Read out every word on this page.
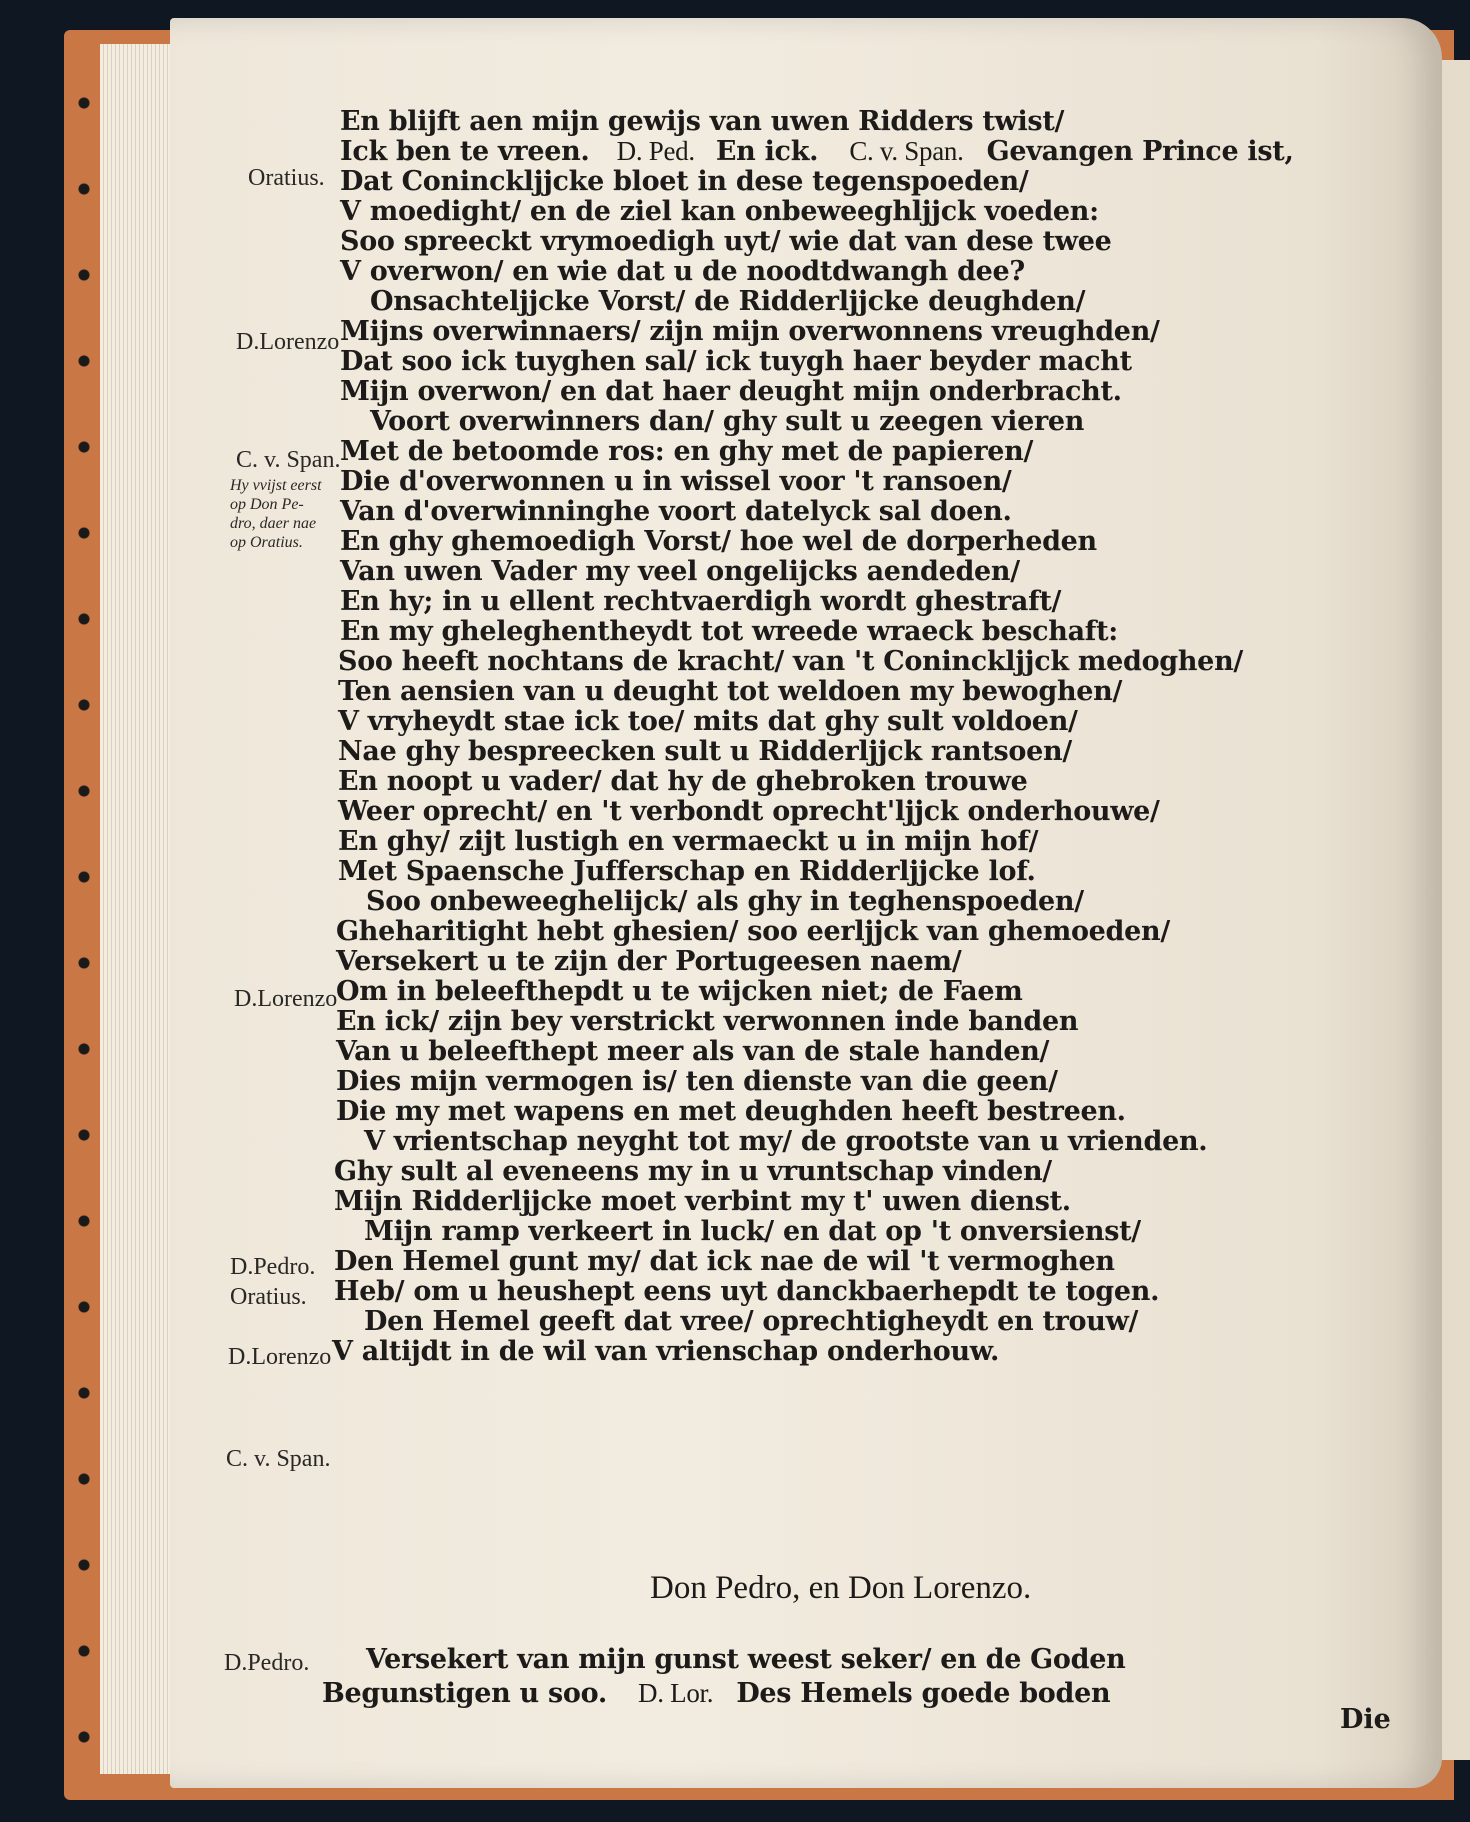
En blijft aen mijn gewijs van uwen Ridders twist/
Ick ben te vreen. D. Ped. En ick. C. v. Span. Gevangen Prince ist,
Dat Coninckljjcke bloet in dese tegenspoeden/
V moedight/ en de ziel kan onbeweeghljjck voeden:
Soo spreeckt vrymoedigh uyt/ wie dat van dese twee
V overwon/ en wie dat u de noodtdwangh dee?
Onsachteljjcke Vorst/ de Ridderljjcke deughden/
Mijns overwinnaers/ zijn mijn overwonnens vreughden/
Dat soo ick tuyghen sal/ ick tuygh haer beyder macht
Mijn overwon/ en dat haer deught mijn onderbracht.
Voort overwinners dan/ ghy sult u zeegen vieren
Met de betoomde ros: en ghy met de papieren/
Die d'overwonnen u in wissel voor 't ransoen/
Van d'overwinninghe voort datelyck sal doen.
En ghy ghemoedigh Vorst/ hoe wel de dorperheden
Van uwen Vader my veel ongelijcks aendeden/
En hy; in u ellent rechtvaerdigh wordt ghestraft/
En my gheleghentheydt tot wreede wraeck beschaft:
Soo heeft nochtans de kracht/ van 't Coninckljjck medoghen/
Ten aensien van u deught tot weldoen my bewoghen/
V vryheydt stae ick toe/ mits dat ghy sult voldoen/
Nae ghy bespreecken sult u Ridderljjck rantsoen/
En noopt u vader/ dat hy de ghebroken trouwe
Weer oprecht/ en 't verbondt oprecht'ljjck onderhouwe/
En ghy/ zijt lustigh en vermaeckt u in mijn hof/
Met Spaensche Jufferschap en Ridderljjcke lof.
Soo onbeweeghelijck/ als ghy in teghenspoeden/
Gheharitight hebt ghesien/ soo eerljjck van ghemoeden/
Versekert u te zijn der Portugeesen naem/
Om in beleefthepdt u te wijcken niet; de Faem
En ick/ zijn bey verstrickt verwonnen inde banden
Van u beleefthept meer als van de stale handen/
Dies mijn vermogen is/ ten dienste van die geen/
Die my met wapens en met deughden heeft bestreen.
V vrientschap neyght tot my/ de grootste van u vrienden.
Ghy sult al eveneens my in u vruntschap vinden/
Mijn Ridderljjcke moet verbint my t' uwen dienst.
Mijn ramp verkeert in luck/ en dat op 't onversienst/
Den Hemel gunt my/ dat ick nae de wil 't vermoghen
Heb/ om u heushept eens uyt danckbaerhepdt te togen.
Den Hemel geeft dat vree/ oprechtigheydt en trouw/
V altijdt in de wil van vrienschap onderhouw.
Oratius.
D.Lorenzo
C. v. Span.
Hy vvijst eerst
op Don Pe-
dro, daer nae
op Oratius.
D.Lorenzo
D.Pedro.
Oratius.
D.Lorenzo
C. v. Span.
Don Pedro, en Don Lorenzo.
D.Pedro. Versekert van mijn gunst weest seker/ en de Goden
Begunstigen u soo. D. Lor. Des Hemels goede boden
Die
